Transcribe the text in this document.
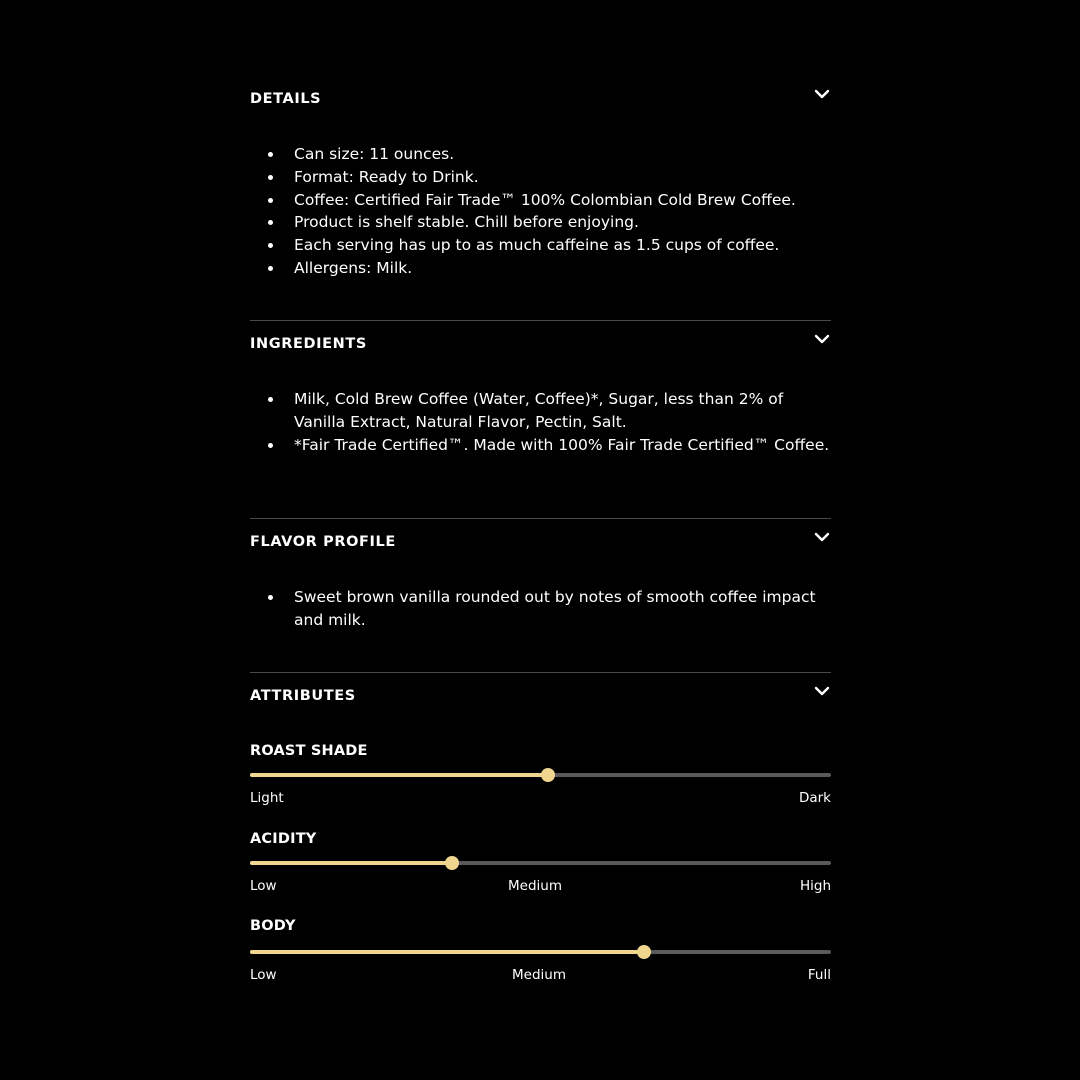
DETAILS
Can size: 11 ounces.
Format: Ready to Drink.
Coffee: Certified Fair Trade™ 100% Colombian Cold Brew Coffee.
Product is shelf stable. Chill before enjoying.
Each serving has up to as much caffeine as 1.5 cups of coffee.
Allergens: Milk.
INGREDIENTS
Milk, Cold Brew Coffee (Water, Coffee)*, Sugar, less than 2% of Vanilla Extract, Natural Flavor, Pectin, Salt.
*Fair Trade Certified™. Made with 100% Fair Trade Certified™ Coffee.
FLAVOR PROFILE
Sweet brown vanilla rounded out by notes of smooth coffee impact and milk.
ATTRIBUTES
ROAST SHADE
Light	Dark
ACIDITY
Low	Medium	High
BODY
Low	Medium	Full
